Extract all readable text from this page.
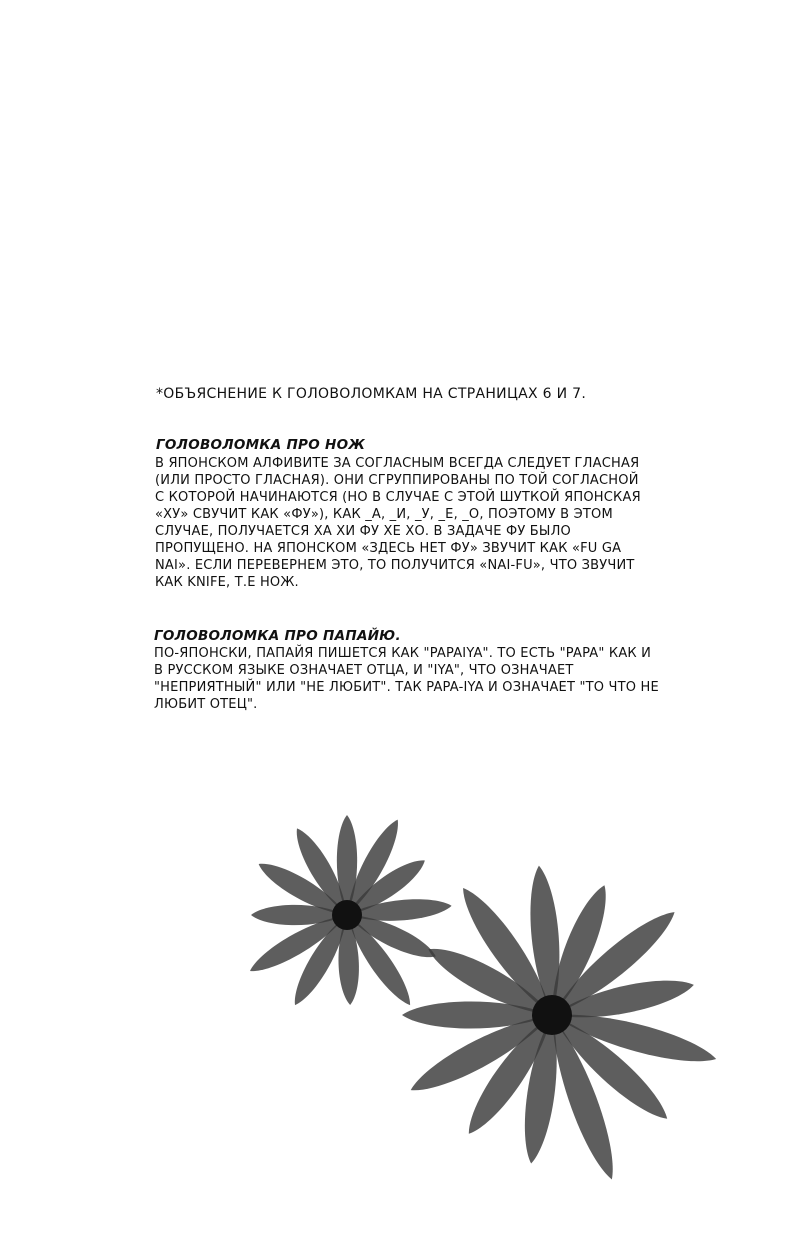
*ОБЪЯСНЕНИЕ К ГОЛОВОЛОМКАМ НА СТРАНИЦАХ 6 И 7.
ГОЛОВОЛОМКА ПРО НОЖ

В ЯПОНСКОМ АЛФИВИТЕ ЗА СОГЛАСНЫМ ВСЕГДА СЛЕДУЕТ ГЛАСНАЯ (ИЛИ ПРОСТО ГЛАСНАЯ). ОНИ СГРУППИРОВАНЫ ПО ТОЙ СОГЛАСНОЙ С КОТОРОЙ НАЧИНАЮТСЯ (НО В СЛУЧАЕ С ЭТОЙ ШУТКОЙ ЯПОНСКАЯ «ХУ» СВУЧИТ КАК «ФУ»), КАК _А, _И, _У, _Е, _О, ПОЭТОМУ В ЭТОМ СЛУЧАЕ, ПОЛУЧАЕТСЯ ХА ХИ ФУ ХЕ ХО. В ЗАДАЧЕ ФУ БЫЛО ПРОПУЩЕНО. НА ЯПОНСКОМ «ЗДЕСЬ НЕТ ФУ» ЗВУЧИТ КАК «FU GA NAI». ЕСЛИ ПЕРЕВЕРНЕМ ЭТО, ТО ПОЛУЧИТСЯ «NAI-FU», ЧТО ЗВУЧИТ КАК KNIFE, Т.Е НОЖ.

ГОЛОВОЛОМКА ПРО ПАПАЙЮ.

ПО-ЯПОНСКИ, ПАПАЙЯ ПИШЕТСЯ КАК "PAPAIYA". ТО ЕСТЬ "PAPA" КАК И В РУССКОМ ЯЗЫКЕ ОЗНАЧАЕТ ОТЦА, И "IYA", ЧТО ОЗНАЧАЕТ "НЕПРИЯТНЫЙ" ИЛИ "НЕ ЛЮБИТ". ТАК PAPA-IYA И ОЗНАЧАЕТ "ТО ЧТО НЕ ЛЮБИТ ОТЕЦ".
